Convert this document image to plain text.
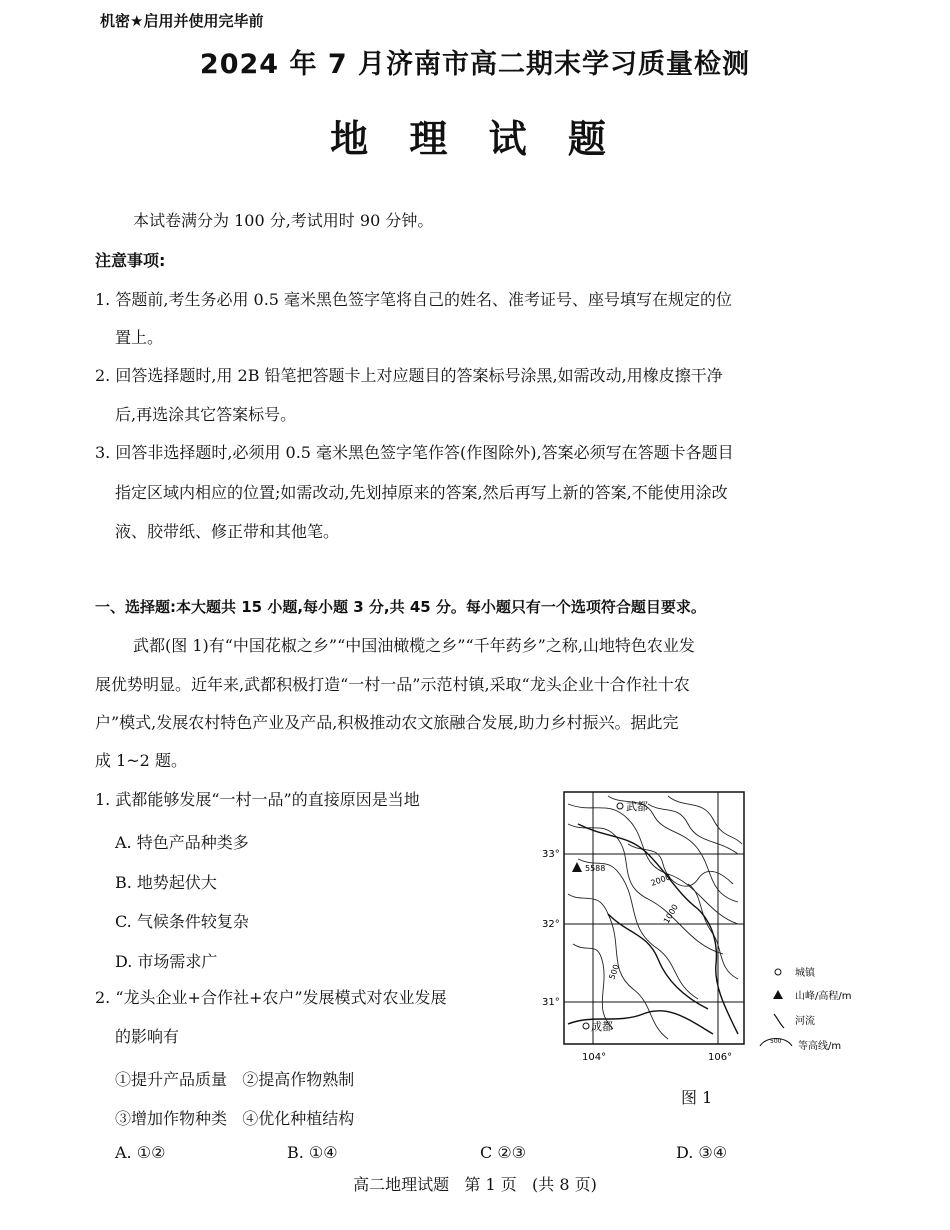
机密★启用并使用完毕前
2024 年 7 月济南市高二期末学习质量检测
地 理 试 题
本试卷满分为 100 分,考试用时 90 分钟。
注意事项:
1. 答题前,考生务必用 0.5 毫米黑色签字笔将自己的姓名、准考证号、座号填写在规定的位
置上。
2. 回答选择题时,用 2B 铅笔把答题卡上对应题目的答案标号涂黑,如需改动,用橡皮擦干净
后,再选涂其它答案标号。
3. 回答非选择题时,必须用 0.5 毫米黑色签字笔作答(作图除外),答案必须写在答题卡各题目
指定区域内相应的位置;如需改动,先划掉原来的答案,然后再写上新的答案,不能使用涂改
液、胶带纸、修正带和其他笔。
一、选择题:本大题共 15 小题,每小题 3 分,共 45 分。每小题只有一个选项符合题目要求。
武都(图 1)有“中国花椒之乡”“中国油橄榄之乡”“千年药乡”之称,山地特色农业发
展优势明显。近年来,武都积极打造“一村一品”示范村镇,采取“龙头企业十合作社十农
户”模式,发展农村特色产业及产品,积极推动农文旅融合发展,助力乡村振兴。据此完
成 1~2 题。
1. 武都能够发展“一村一品”的直接原因是当地
A. 特色产品种类多
B. 地势起伏大
C. 气候条件较复杂
D. 市场需求广
2. “龙头企业+合作社+农户”发展模式对农业发展
的影响有
①提升产品质量   ②提高作物熟制
③增加作物种类   ④优化种植结构
A. ①②	B. ①④	C ②③	D. ③④
5588
武都
成都
2000
1000
500
33°
32°
31°
104°	106°
城镇
山峰/高程/m
河流
500 等高线/m
图 1
高二地理试题   第 1 页   (共 8 页)
